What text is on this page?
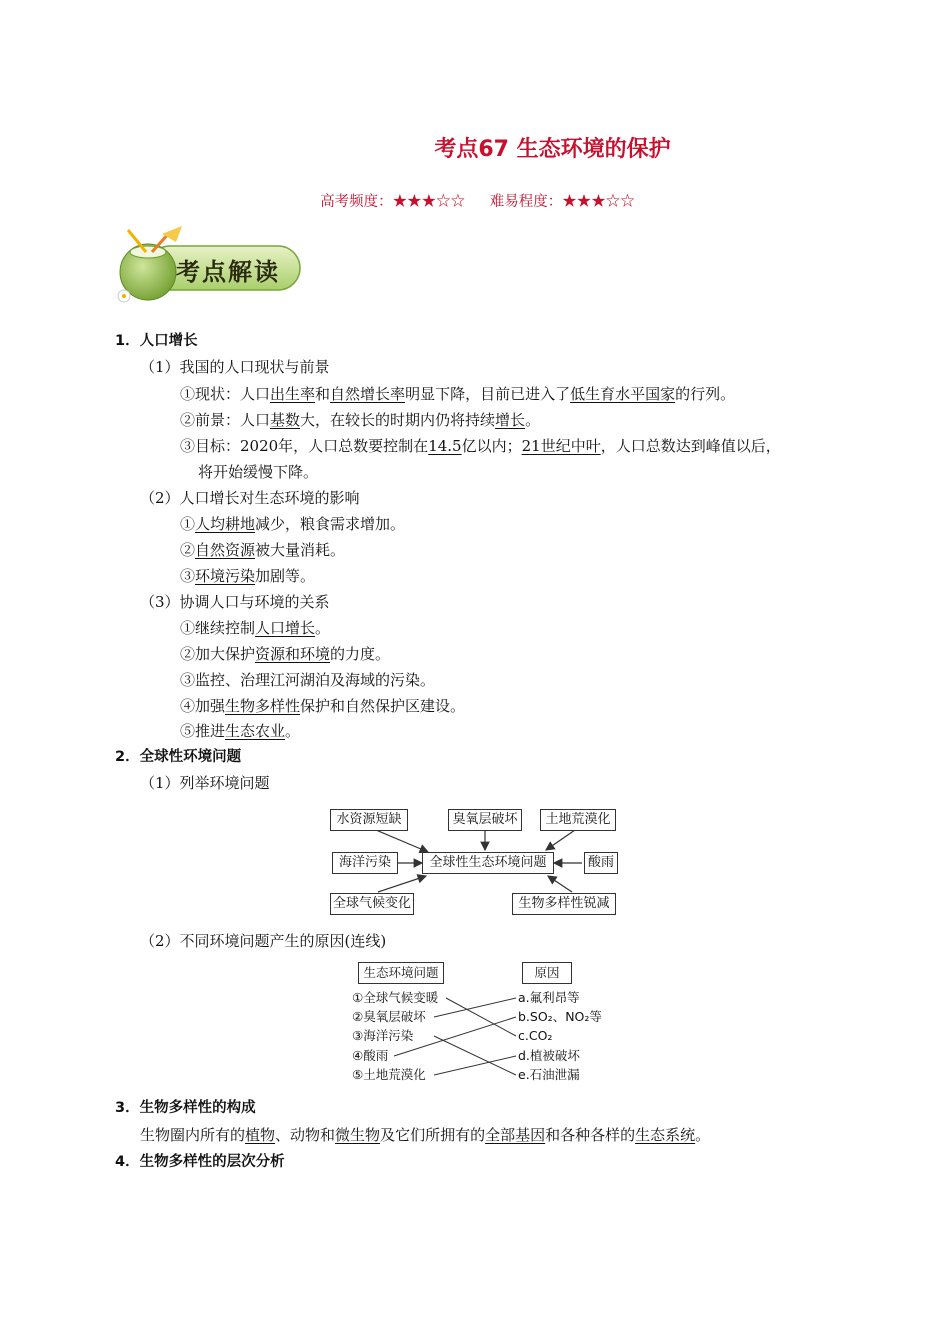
考点67 生态环境的保护
高考频度：★★★☆☆ 难易程度：★★★☆☆
考点解读
1．人口增长
（1）我国的人口现状与前景
①现状：人口出生率和自然增长率明显下降，目前已进入了低生育水平国家的行列。
②前景：人口基数大，在较长的时期内仍将持续增长。
③目标：2020年，人口总数要控制在14.5亿以内；21世纪中叶，人口总数达到峰值以后，
将开始缓慢下降。
（2）人口增长对生态环境的影响
①人均耕地减少，粮食需求增加。
②自然资源被大量消耗。
③环境污染加剧等。
（3）协调人口与环境的关系
①继续控制人口增长。
②加大保护资源和环境的力度。
③监控、治理江河湖泊及海域的污染。
④加强生物多样性保护和自然保护区建设。
⑤推进生态农业。
2．全球性环境问题
（1）列举环境问题
水资源短缺	臭氧层破坏	土地荒漠化
海洋污染	全球性生态环境问题	酸雨
全球气候变化	生物多样性锐减
（2）不同环境问题产生的原因(连线)
生态环境问题	原因
①全球气候变暖
②臭氧层破坏
③海洋污染
④酸雨
⑤土地荒漠化
a.氟利昂等
b.SO₂、NO₂等
c.CO₂
d.植被破坏
e.石油泄漏
3．生物多样性的构成
生物圈内所有的植物、动物和微生物及它们所拥有的全部基因和各种各样的生态系统。
4．生物多样性的层次分析
